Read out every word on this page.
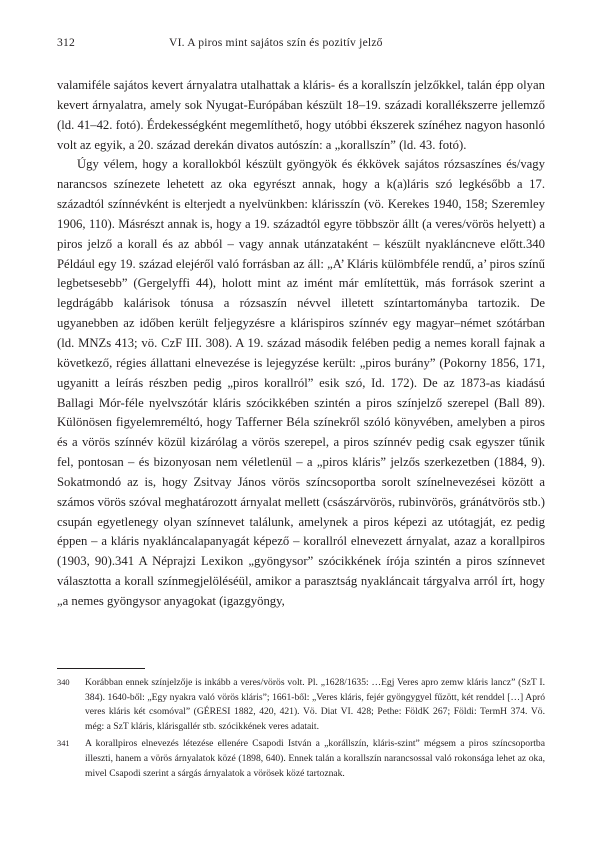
312	VI. A piros mint sajátos szín és pozitív jelző

valamiféle sajátos kevert árnyalatra utalhattak a kláris- és a korallszín jelzőkkel, talán épp olyan kevert árnyalatra, amely sok Nyugat-Európában készült 18–19. századi korallékszerre jellemző (ld. 41–42. fotó). Érdekességként megemlíthető, hogy utóbbi ékszerek színéhez nagyon hasonló volt az egyik, a 20. század derekán divatos autószín: a „korallszín” (ld. 43. fotó).

Úgy vélem, hogy a korallokból készült gyöngyök és ékkövek sajátos rózsaszínes és/vagy narancsos színezete lehetett az oka egyrészt annak, hogy a k(a)láris szó legkésőbb a 17. századtól színnévként is elterjedt a nyelvünkben: klárisszín (vö. Kerekes 1940, 158; Szeremley 1906, 110). Másrészt annak is, hogy a 19. századtól egyre többször állt (a veres/vörös helyett) a piros jelző a korall és az abból – vagy annak utánzataként – készült nyakláncneve előtt.340 Például egy 19. század elejéről való forrásban az áll: „A’ Kláris külömbféle rendű, a’ piros színű legbetsesebb” (Gergelyffi 44), holott mint az imént már említettük, más források szerint a legdrágább kalárisok tónusa a rózsaszín névvel illetett színtartományba tartozik. De ugyanebben az időben került feljegyzésre a klárispiros színnév egy magyar–német szótárban (ld. MNZs 413; vö. CzF III. 308). A 19. század második felében pedig a nemes korall fajnak a következő, régies állattani elnevezése is lejegyzése került: „piros burány” (Pokorny 1856, 171, ugyanitt a leírás részben pedig „piros korallról” esik szó, Id. 172). De az 1873-as kiadású Ballagi Mór-féle nyelvszótár kláris szócikkében szintén a piros színjelző szerepel (Ball 89). Különösen figyelemreméltó, hogy Tafferner Béla színekről szóló könyvében, amelyben a piros és a vörös színnév közül kizárólag a vörös szerepel, a piros színnév pedig csak egyszer tűnik fel, pontosan – és bizonyosan nem véletlenül – a „piros kláris” jelzős szerkezetben (1884, 9). Sokatmondó az is, hogy Zsitvay János vörös színcsoportba sorolt színelnevezései között a számos vörös szóval meghatározott árnyalat mellett (császárvörös, rubinvörös, gránátvörös stb.) csupán egyetlenegy olyan színnevet találunk, amelynek a piros képezi az utótagját, ez pedig éppen – a kláris nyakláncalapanyagát képező – korallról elnevezett árnyalat, azaz a korallpiros (1903, 90).341 A Néprajzi Lexikon „gyöngysor” szócikkének írója szintén a piros színnevet választotta a korall színmegjelöléséül, amikor a parasztság nyakláncait tárgyalva arról írt, hogy „a nemes gyöngysor anyagokat (igazgyöngy,

340	Korábban ennek színjelzője is inkább a veres/vörös volt. Pl. „1628/1635: …Egj Veres apro zemw kláris lancz” (SzT I. 384). 1640-ből: „Egy nyakra való vörös kláris”; 1661-ből: „Veres kláris, fejér gyöngygyel fűzött, két renddel […] Apró veres kláris két csomóval” (GÉRESI 1882, 420, 421). Vö. Diat VI. 428; Pethe: FöldK 267; Földi: TermH 374. Vö. még: a SzT kláris, klárisgallér stb. szócikkének veres adatait.

341	A korallpiros elnevezés létezése ellenére Csapodi István a „korállszín, kláris-szint” mégsem a piros színcsoportba illeszti, hanem a vörös árnyalatok közé (1898, 640). Ennek talán a korallszín narancsossal való rokonsága lehet az oka, mivel Csapodi szerint a sárgás árnyalatok a vörösek közé tartoznak.
